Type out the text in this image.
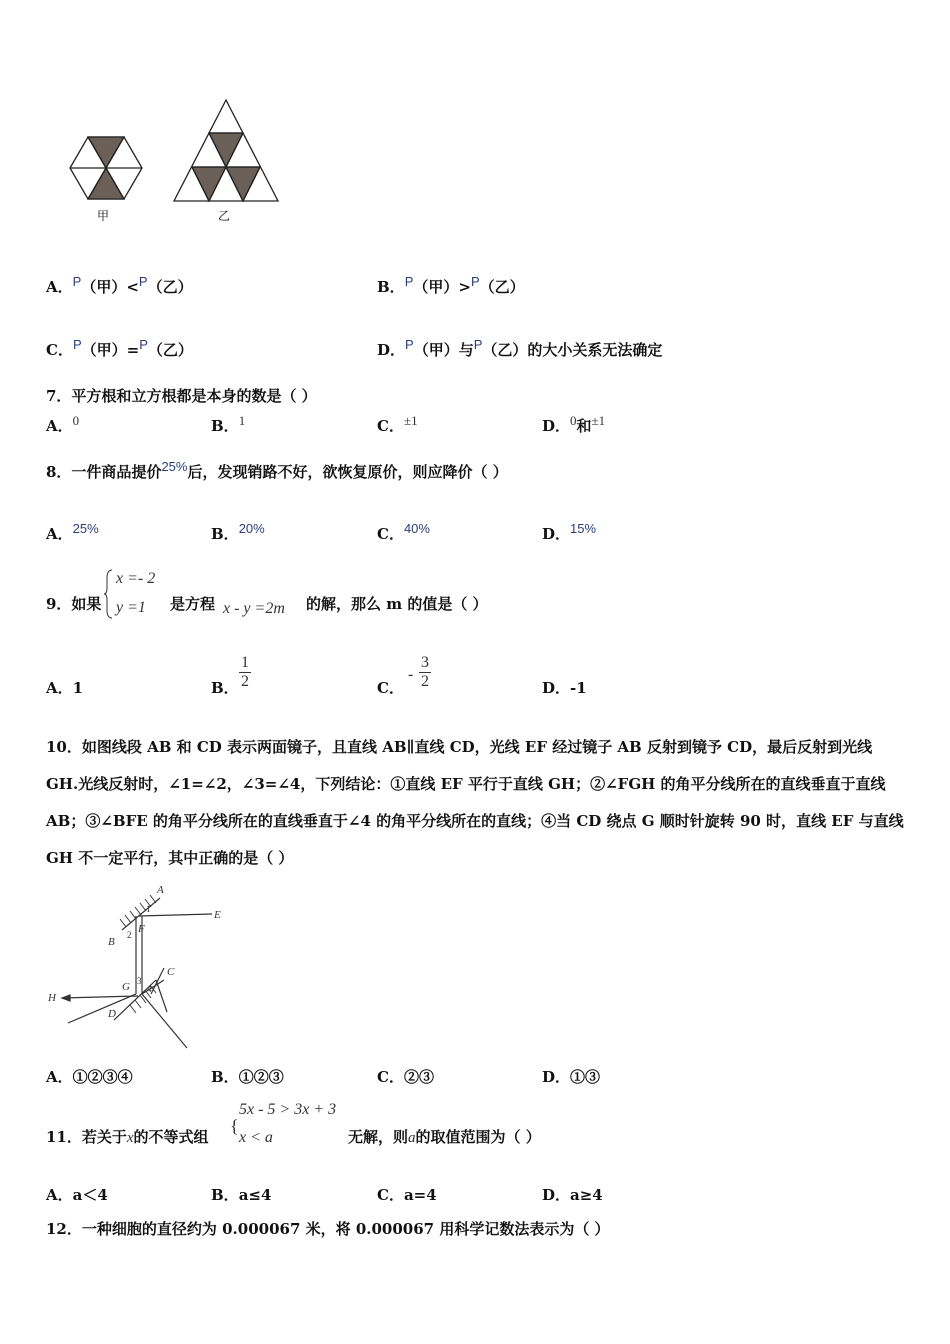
甲	乙
A．P（甲）<P（乙）	B．P（甲）>P（乙）
C．P（甲）=P（乙）	D．P（甲）与P（乙）的大小关系无法确定
7．平方根和立方根都是本身的数是（ ）
A．0	B．1	C．±1	D．0和±1
8．一件商品提价25%后，发现销路不好，欲恢复原价，则应降价（ ）
A．25%	B．20%	C．40%	D．15%
9．如果
x =- 2
y =1 是方程 x - y =2m 的解，那么 m 的值是（ ）
A．1	B． $\frac{1}{2}$	C．
- $\frac{3}{2}$	D．-1
10．如图线段 AB 和 CD 表示两面镜子，且直线 AB∥直线 CD，光线 EF 经过镜子 AB 反射到镜予 CD，最后反射到光线 GH.光线反射时，∠1=∠2，∠3=∠4，下列结论：①直线 EF 平行于直线 GH；②∠FGH 的角平分线所在的直线垂直于直线 AB；③∠BFE 的角平分线所在的直线垂直于∠4 的角平分线所在的直线；④当 CD 绕点 G 顺时针旋转 90 时，直线 EF 与直线 GH 不一定平行，其中正确的是（ ）
A
E
B
F
H
G
C
D
1
2
3
4
A．①②③④	B．①②③	C．②③	D．①③
11．若关于x的不等式组
{
5x - 5 > 3x + 3
x < a	无解，则a的取值范围为（ ）
A．a＜4	B．a≤4	C．a=4	D．a≥4
12．一种细胞的直径约为 0.000067 米，将 0.000067 用科学记数法表示为（ ）
